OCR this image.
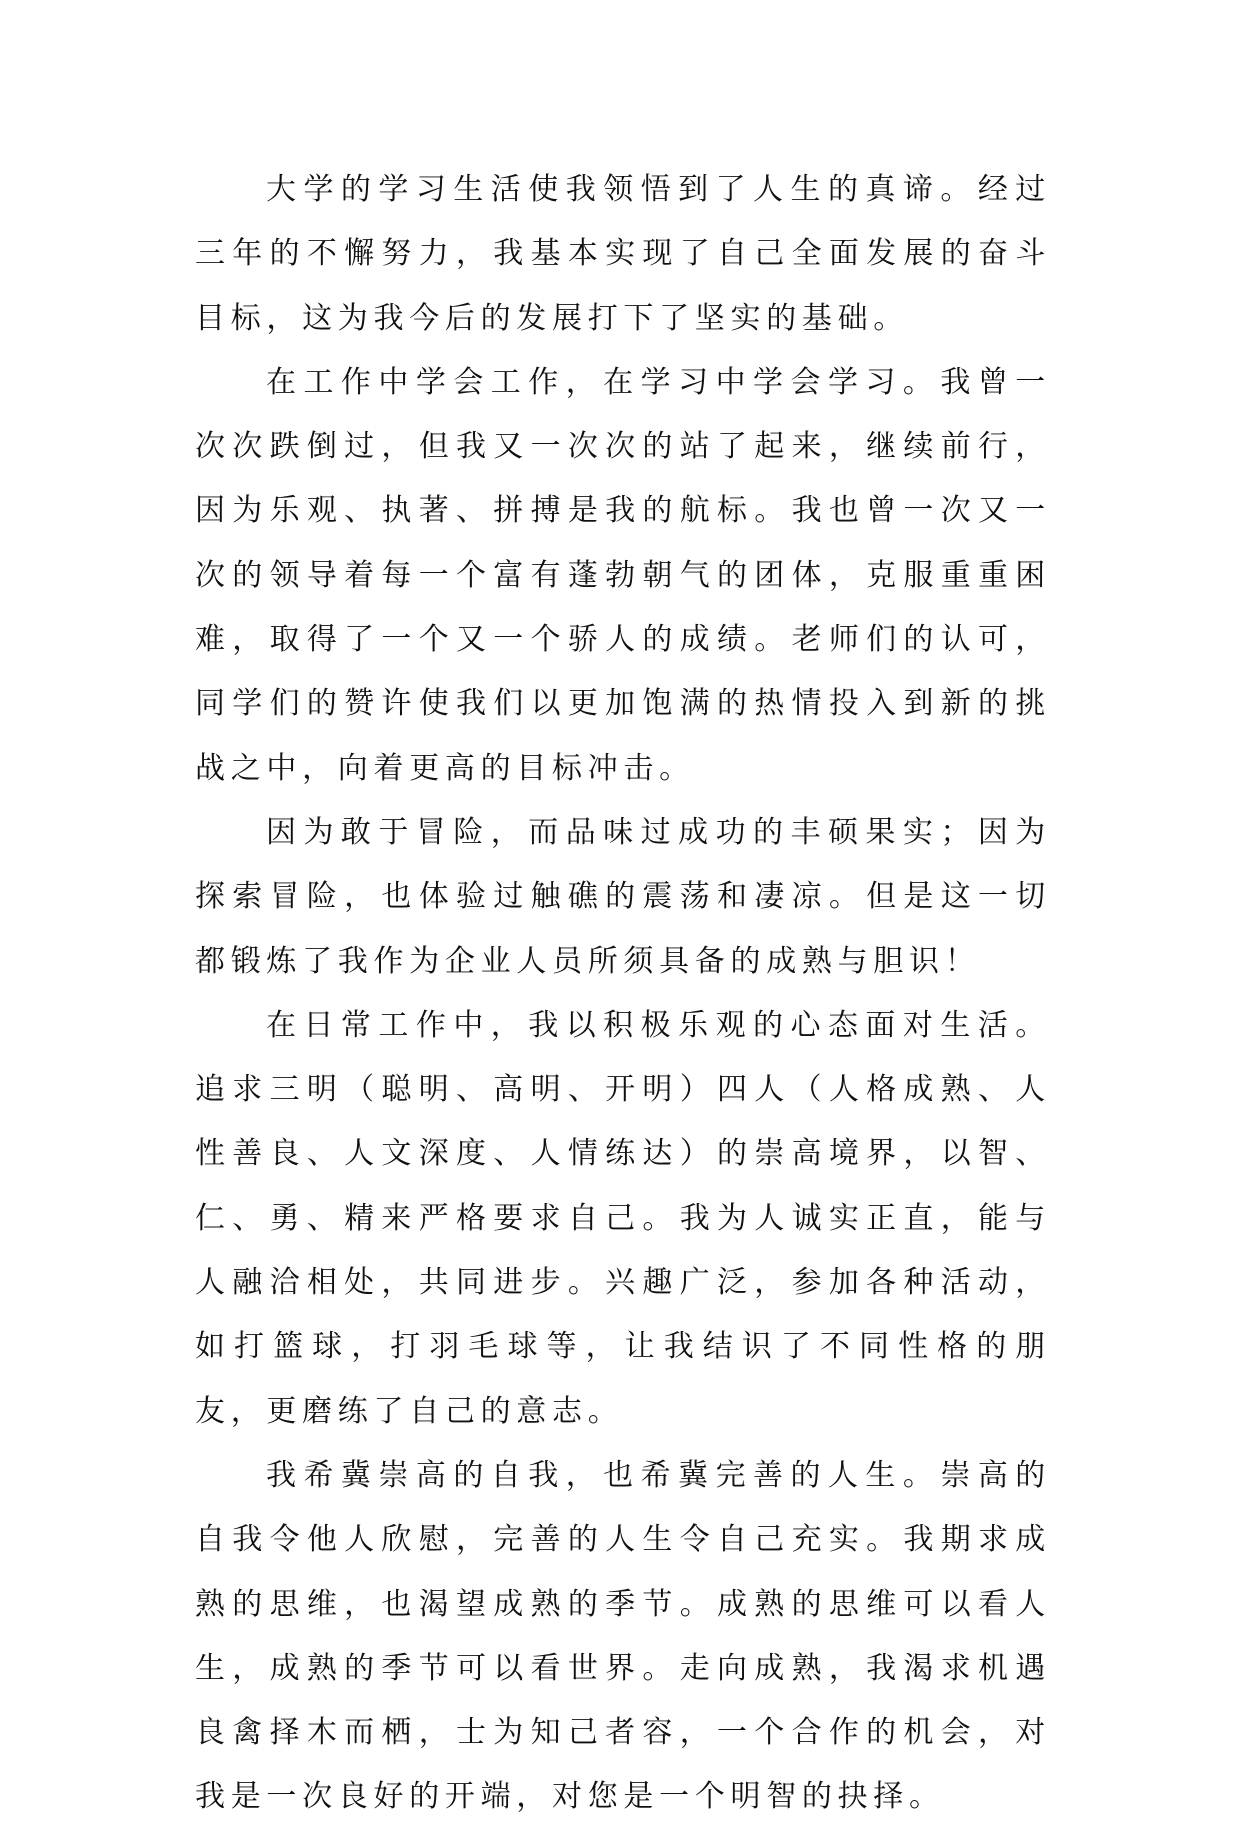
大学的学习生活使我领悟到了人生的真谛。经过三年的不懈努力，我基本实现了自己全面发展的奋斗目标，这为我今后的发展打下了坚实的基础。

在工作中学会工作，在学习中学会学习。我曾一次次跌倒过，但我又一次次的站了起来，继续前行，因为乐观、执著、拼搏是我的航标。我也曾一次又一次的领导着每一个富有蓬勃朝气的团体，克服重重困难，取得了一个又一个骄人的成绩。老师们的认可，同学们的赞许使我们以更加饱满的热情投入到新的挑战之中，向着更高的目标冲击。

因为敢于冒险，而品味过成功的丰硕果实；因为探索冒险，也体验过触礁的震荡和凄凉。但是这一切都锻炼了我作为企业人员所须具备的成熟与胆识！

在日常工作中，我以积极乐观的心态面对生活。追求三明（聪明、高明、开明）四人（人格成熟、人性善良、人文深度、人情练达）的崇高境界，以智、仁、勇、精来严格要求自己。我为人诚实正直，能与人融洽相处，共同进步。兴趣广泛，参加各种活动，如打篮球，打羽毛球等，让我结识了不同性格的朋友，更磨练了自己的意志。

我希冀崇高的自我，也希冀完善的人生。崇高的自我令他人欣慰，完善的人生令自己充实。我期求成熟的思维，也渴望成熟的季节。成熟的思维可以看人生，成熟的季节可以看世界。走向成熟，我渴求机遇良禽择木而栖，士为知己者容，一个合作的机会，对我是一次良好的开端，对您是一个明智的抉择。
